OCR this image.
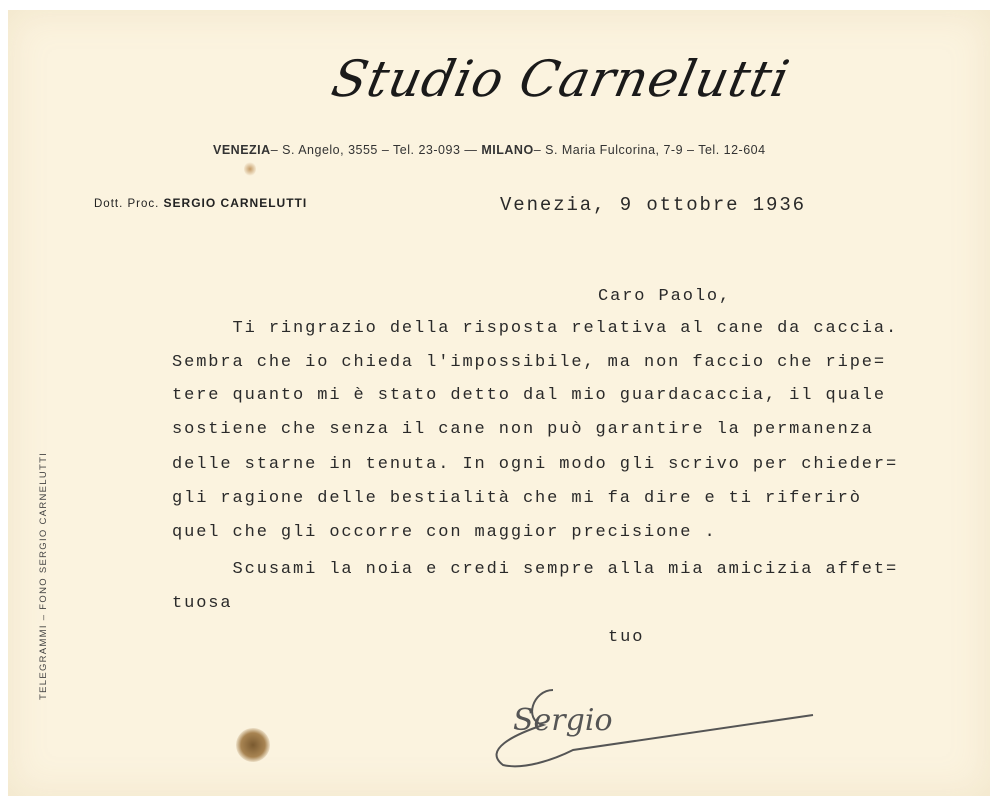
Studio Carnelutti
VENEZIA– S. Angelo, 3555 – Tel. 23-093 — MILANO– S. Maria Fulcorina, 7-9 – Tel. 12-604
Dott. Proc. SERGIO CARNELUTTI
TELEGRAMMI – FONO SERGIO CARNELUTTI
Venezia, 9 ottobre 1936
Caro Paolo,
Ti ringrazio della risposta relativa al cane da caccia.
Sembra che io chieda l'impossibile, ma non faccio che ripe=
tere quanto mi è stato detto dal mio guardacaccia, il quale
sostiene che senza il cane non può garantire la permanenza
delle starne in tenuta. In ogni modo gli scrivo per chieder=
gli ragione delle bestialità che mi fa dire e ti riferirò
quel che gli occorre con maggior precisione .
Scusami la noia e credi sempre alla mia amicizia affet=
tuosa
tuo
Sergio
